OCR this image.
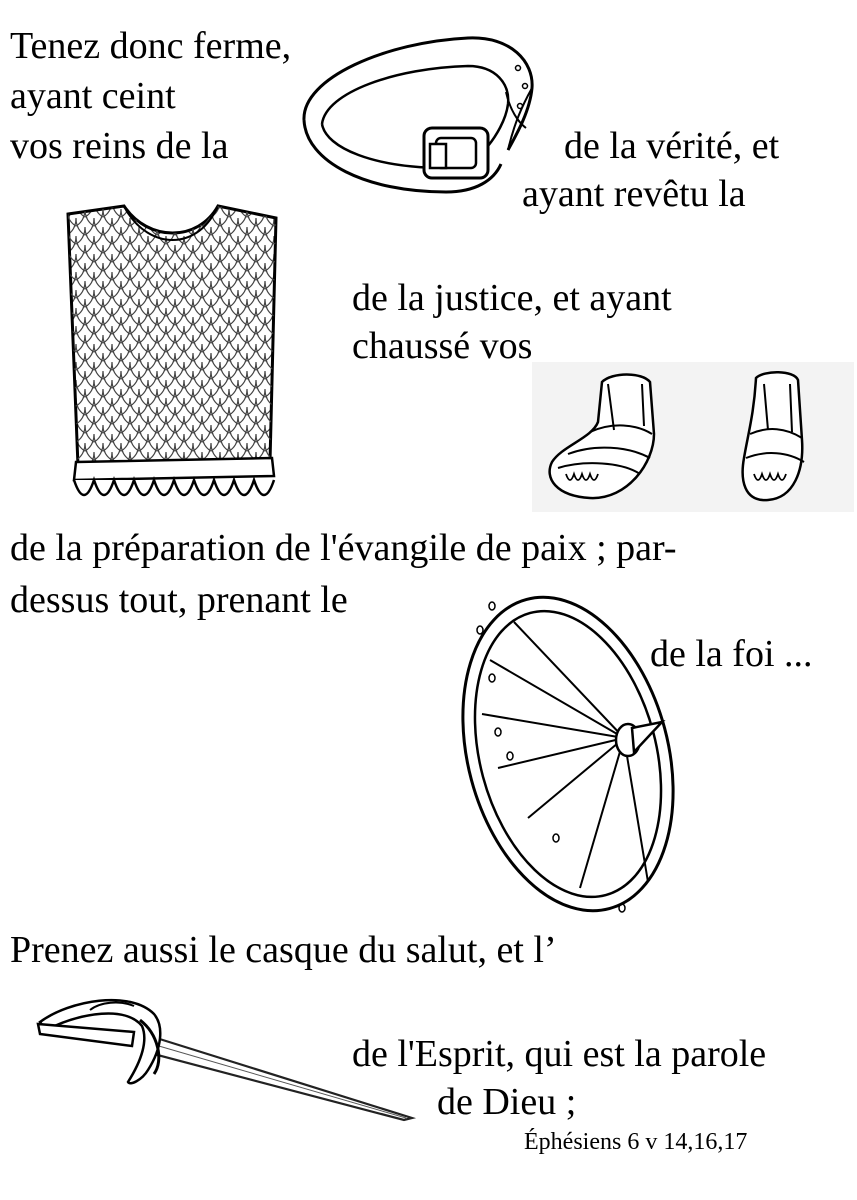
Tenez donc ferme,
ayant ceint
vos reins de la	de la vérité, et
ayant revêtu la
de la justice, et ayant
chaussé vos
de la préparation de l'évangile de paix ; par-
dessus tout, prenant le
de la foi ...
Prenez aussi le casque du salut, et l’
de l'Esprit, qui est la parole
de Dieu ;
Éphésiens 6 v 14,16,17
